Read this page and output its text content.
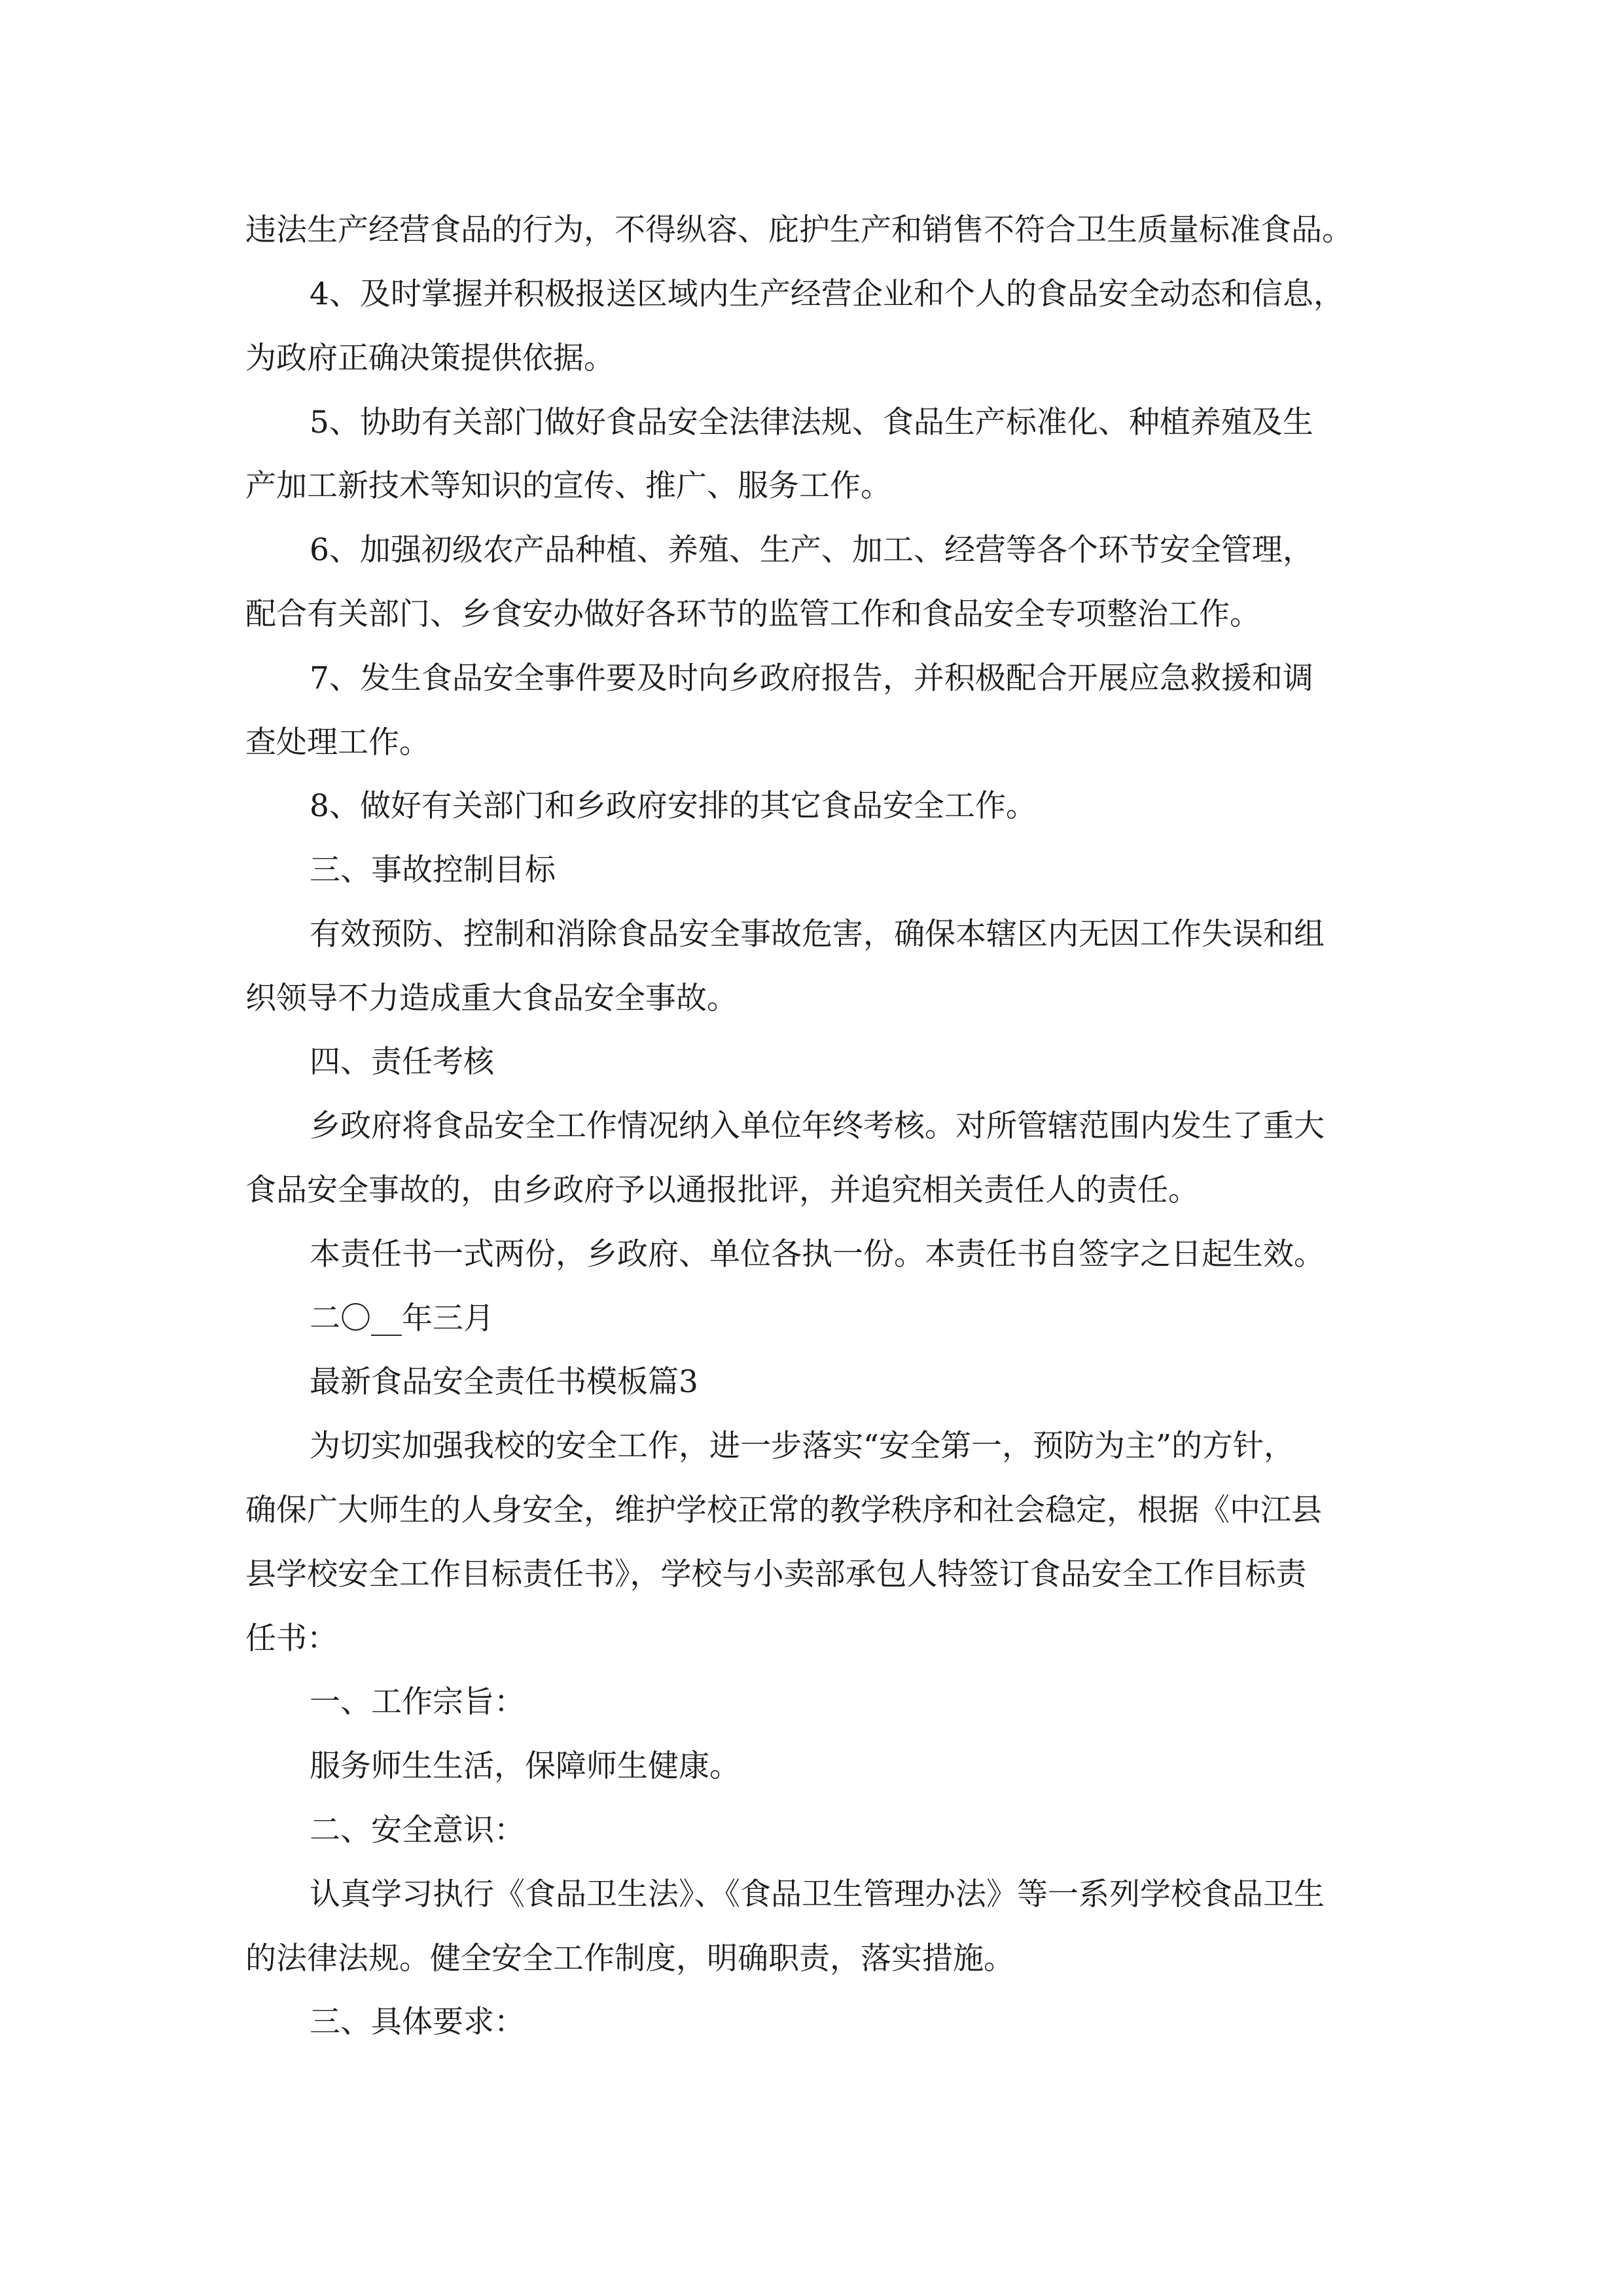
违法生产经营食品的行为，不得纵容、庇护生产和销售不符合卫生质量标准食品。
4、及时掌握并积极报送区域内生产经营企业和个人的食品安全动态和信息，
为政府正确决策提供依据。
5、协助有关部门做好食品安全法律法规、食品生产标准化、种植养殖及生
产加工新技术等知识的宣传、推广、服务工作。
6、加强初级农产品种植、养殖、生产、加工、经营等各个环节安全管理，
配合有关部门、乡食安办做好各环节的监管工作和食品安全专项整治工作。
7、发生食品安全事件要及时向乡政府报告，并积极配合开展应急救援和调
查处理工作。
8、做好有关部门和乡政府安排的其它食品安全工作。
三、事故控制目标
有效预防、控制和消除食品安全事故危害，确保本辖区内无因工作失误和组
织领导不力造成重大食品安全事故。
四、责任考核
乡政府将食品安全工作情况纳入单位年终考核。对所管辖范围内发生了重大
食品安全事故的，由乡政府予以通报批评，并追究相关责任人的责任。
本责任书一式两份，乡政府、单位各执一份。本责任书自签字之日起生效。
二〇__年三月
最新食品安全责任书模板篇3
为切实加强我校的安全工作，进一步落实“安全第一，预防为主”的方针，
确保广大师生的人身安全，维护学校正常的教学秩序和社会稳定，根据《中江县
县学校安全工作目标责任书》，学校与小卖部承包人特签订食品安全工作目标责
任书：
一、工作宗旨：
服务师生生活，保障师生健康。
二、安全意识：
认真学习执行《食品卫生法》、《食品卫生管理办法》等一系列学校食品卫生
的法律法规。健全安全工作制度，明确职责，落实措施。
三、具体要求：
